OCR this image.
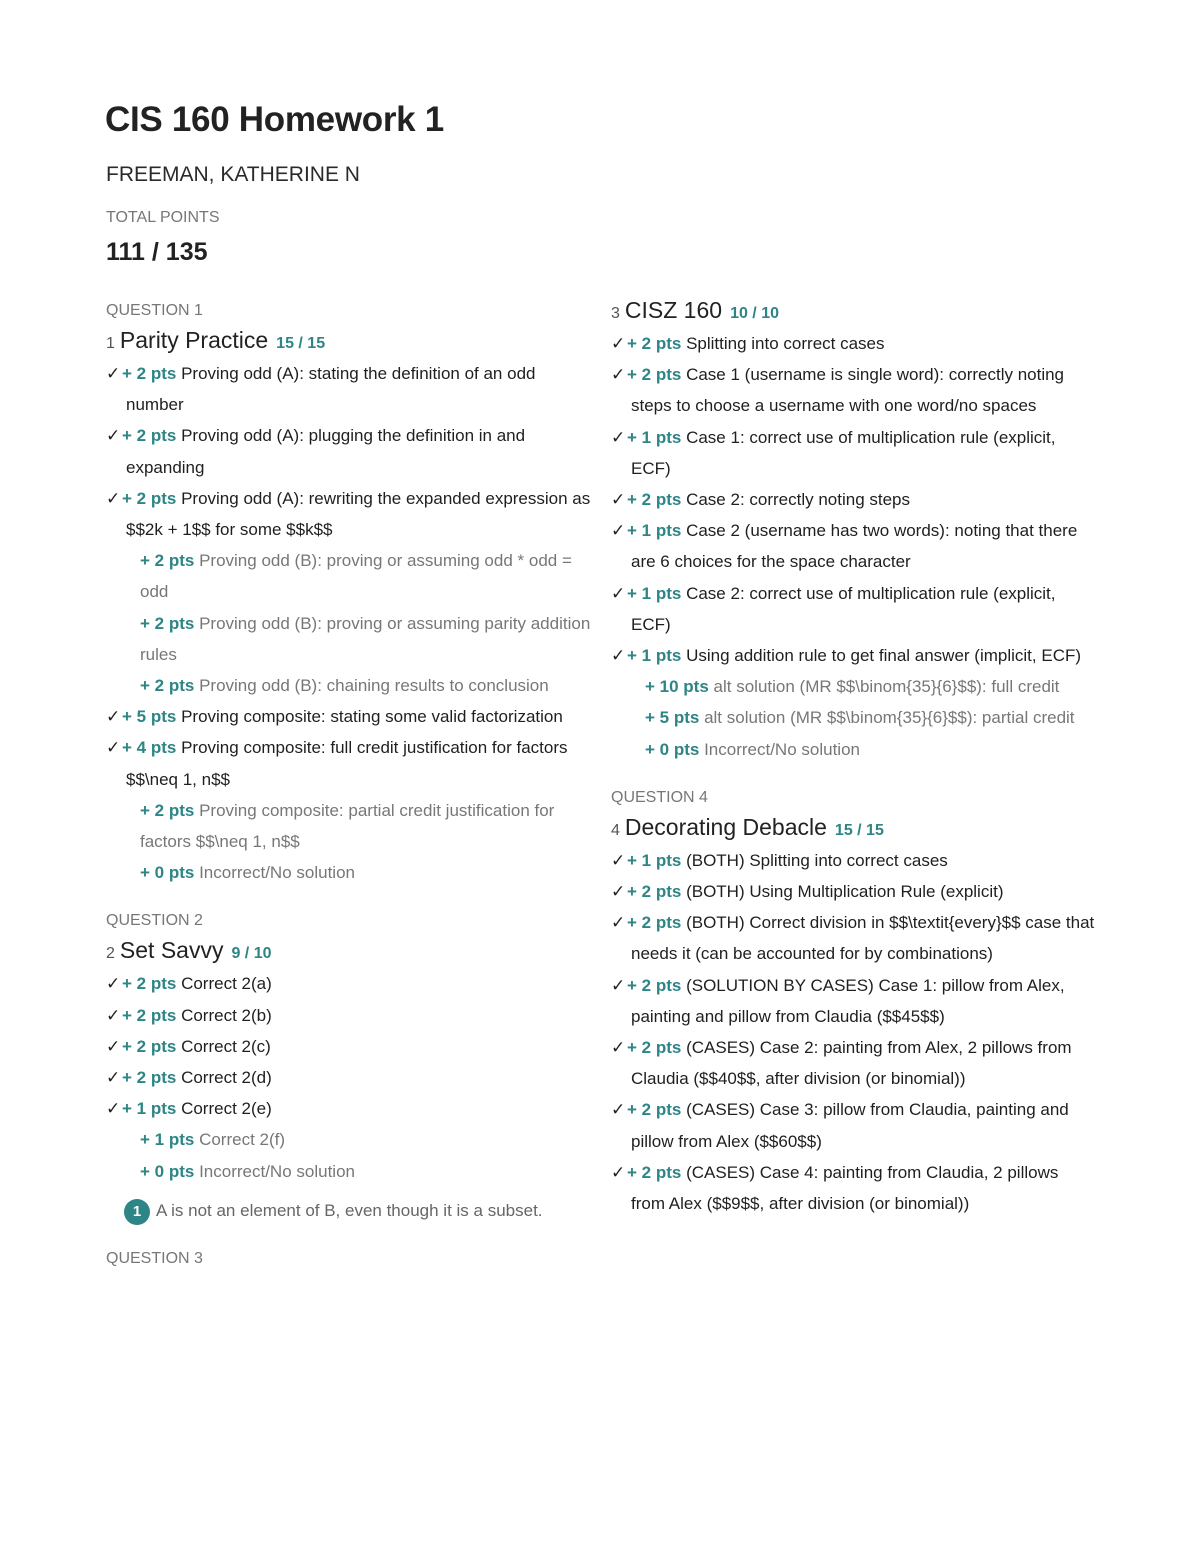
CIS 160 Homework 1
FREEMAN, KATHERINE N
TOTAL POINTS
111 / 135
QUESTION 1
1 Parity Practice 15 / 15
✓ + 2 pts Proving odd (A): stating the definition of an odd number
✓ + 2 pts Proving odd (A): plugging the definition in and expanding
✓ + 2 pts Proving odd (A): rewriting the expanded expression as $$2k + 1$$ for some $$k$$
+ 2 pts Proving odd (B): proving or assuming odd * odd = odd
+ 2 pts Proving odd (B): proving or assuming parity addition rules
+ 2 pts Proving odd (B): chaining results to conclusion
✓ + 5 pts Proving composite: stating some valid factorization
✓ + 4 pts Proving composite: full credit justification for factors $$\neq 1, n$$
+ 2 pts Proving composite: partial credit justification for factors $$\neq 1, n$$
+ 0 pts Incorrect/No solution
QUESTION 2
2 Set Savvy 9 / 10
✓ + 2 pts Correct 2(a)
✓ + 2 pts Correct 2(b)
✓ + 2 pts Correct 2(c)
✓ + 2 pts Correct 2(d)
✓ + 1 pts Correct 2(e)
+ 1 pts Correct 2(f)
+ 0 pts Incorrect/No solution
1 A is not an element of B, even though it is a subset.
QUESTION 3
3 CISZ 160 10 / 10
✓ + 2 pts Splitting into correct cases
✓ + 2 pts Case 1 (username is single word): correctly noting steps to choose a username with one word/no spaces
✓ + 1 pts Case 1: correct use of multiplication rule (explicit, ECF)
✓ + 2 pts Case 2: correctly noting steps
✓ + 1 pts Case 2 (username has two words): noting that there are 6 choices for the space character
✓ + 1 pts Case 2: correct use of multiplication rule (explicit, ECF)
✓ + 1 pts Using addition rule to get final answer (implicit, ECF)
+ 10 pts alt solution (MR $$\binom{35}{6}$$): full credit
+ 5 pts alt solution (MR $$\binom{35}{6}$$): partial credit
+ 0 pts Incorrect/No solution
QUESTION 4
4 Decorating Debacle 15 / 15
✓ + 1 pts (BOTH) Splitting into correct cases
✓ + 2 pts (BOTH) Using Multiplication Rule (explicit)
✓ + 2 pts (BOTH) Correct division in $$\textit{every}$$ case that needs it (can be accounted for by combinations)
✓ + 2 pts (SOLUTION BY CASES) Case 1: pillow from Alex, painting and pillow from Claudia ($$45$$)
✓ + 2 pts (CASES) Case 2: painting from Alex, 2 pillows from Claudia ($$40$$, after division (or binomial))
✓ + 2 pts (CASES) Case 3: pillow from Claudia, painting and pillow from Alex ($$60$$)
✓ + 2 pts (CASES) Case 4: painting from Claudia, 2 pillows from Alex ($$9$$, after division (or binomial))
